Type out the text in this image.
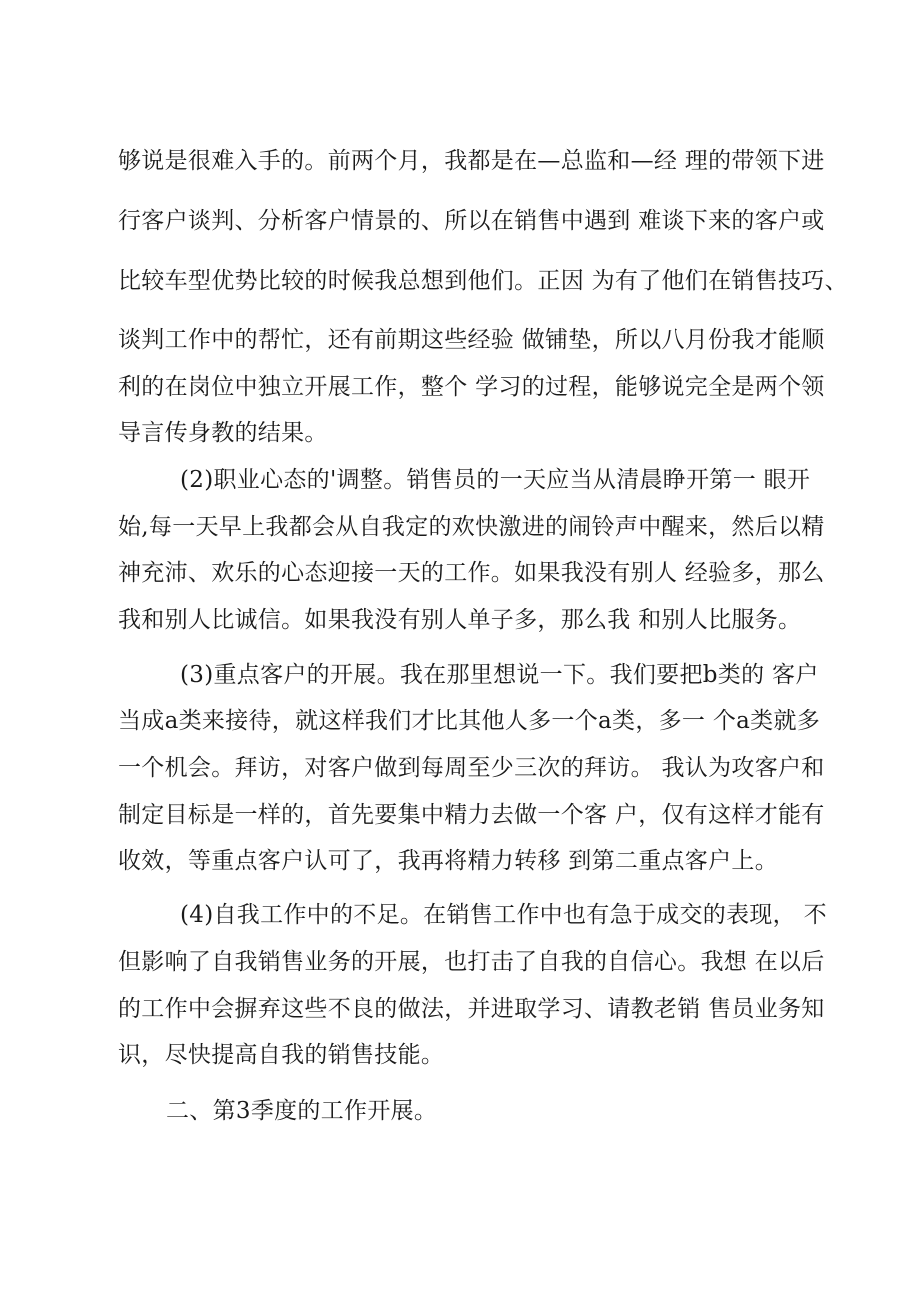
够说是很难入手的。前两个月，我都是在—总监和—经 理的带领下进
行客户谈判、分析客户情景的、所以在销售中遇到 难谈下来的客户或
比较车型优势比较的时候我总想到他们。正因 为有了他们在销售技巧、
谈判工作中的帮忙，还有前期这些经验 做铺垫，所以八月份我才能顺
利的在岗位中独立开展工作，整个 学习的过程，能够说完全是两个领
导言传身教的结果。
(2)职业心态的'调整。销售员的一天应当从清晨睁开第一 眼开
始,每一天早上我都会从自我定的欢快激进的闹铃声中醒来，然后以精
神充沛、欢乐的心态迎接一天的工作。如果我没有别人 经验多，那么
我和别人比诚信。如果我没有别人单子多，那么我 和别人比服务。
(3)重点客户的开展。我在那里想说一下。我们要把b类的 客户
当成a类来接待，就这样我们才比其他人多一个a类，多一 个a类就多
一个机会。拜访，对客户做到每周至少三次的拜访。 我认为攻客户和
制定目标是一样的，首先要集中精力去做一个客 户，仅有这样才能有
收效，等重点客户认可了，我再将精力转移 到第二重点客户上。
(4)自我工作中的不足。在销售工作中也有急于成交的表现， 不
但影响了自我销售业务的开展，也打击了自我的自信心。我想 在以后
的工作中会摒弃这些不良的做法，并进取学习、请教老销 售员业务知
识，尽快提高自我的销售技能。
二、第3季度的工作开展。
